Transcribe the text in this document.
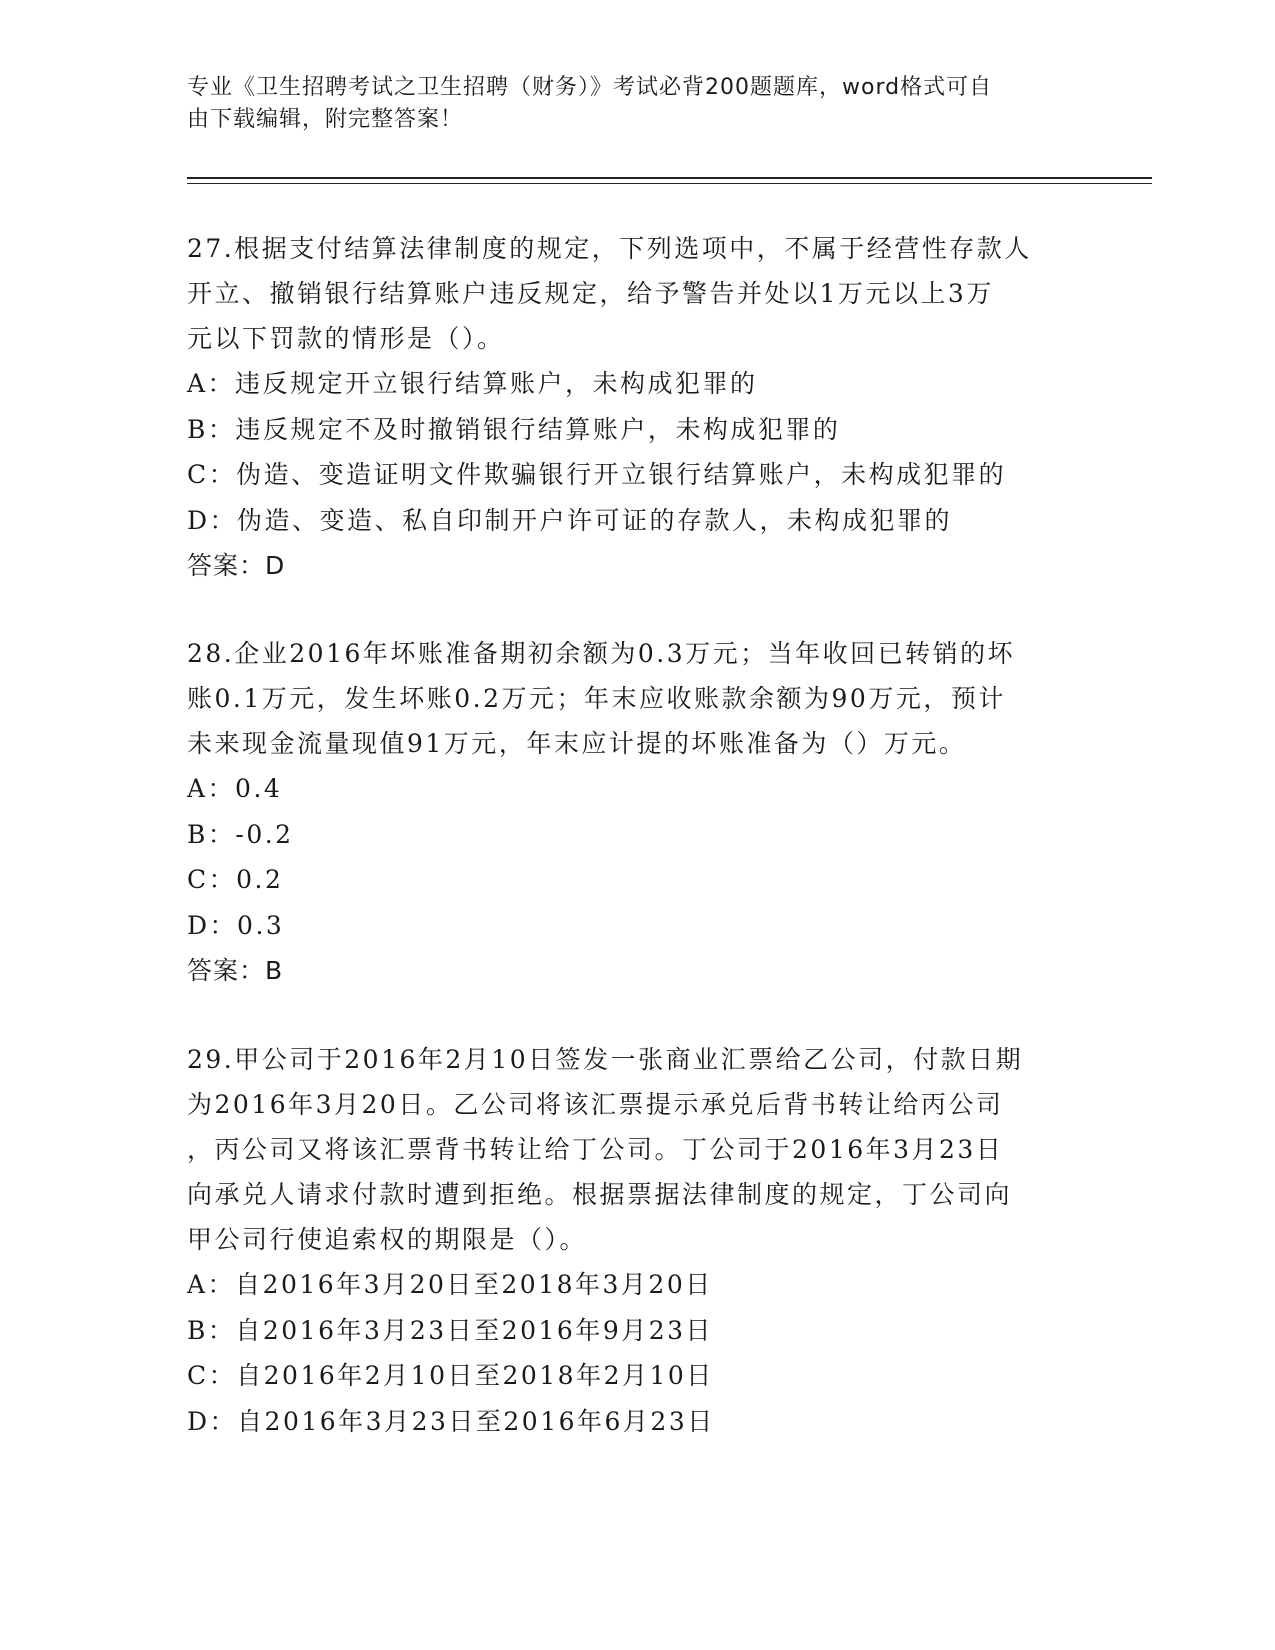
专业《卫生招聘考试之卫生招聘（财务）》考试必背200题题库，word格式可自
由下载编辑，附完整答案！

27.根据支付结算法律制度的规定，下列选项中，不属于经营性存款人

开立、撤销银行结算账户违反规定，给予警告并处以1万元以上3万

元以下罚款的情形是（）。

A：违反规定开立银行结算账户，未构成犯罪的

B：违反规定不及时撤销银行结算账户，未构成犯罪的

C：伪造、变造证明文件欺骗银行开立银行结算账户，未构成犯罪的

D：伪造、变造、私自印制开户许可证的存款人，未构成犯罪的

答案：D

28.企业2016年坏账准备期初余额为0.3万元；当年收回已转销的坏

账0.1万元，发生坏账0.2万元；年末应收账款余额为90万元，预计

未来现金流量现值91万元，年末应计提的坏账准备为（）万元。

A：0.4

B：-0.2

C：0.2

D：0.3

答案：B

29.甲公司于2016年2月10日签发一张商业汇票给乙公司，付款日期

为2016年3月20日。乙公司将该汇票提示承兑后背书转让给丙公司

，丙公司又将该汇票背书转让给丁公司。丁公司于2016年3月23日

向承兑人请求付款时遭到拒绝。根据票据法律制度的规定，丁公司向

甲公司行使追索权的期限是（）。

A：自2016年3月20日至2018年3月20日

B：自2016年3月23日至2016年9月23日

C：自2016年2月10日至2018年2月10日

D：自2016年3月23日至2016年6月23日
